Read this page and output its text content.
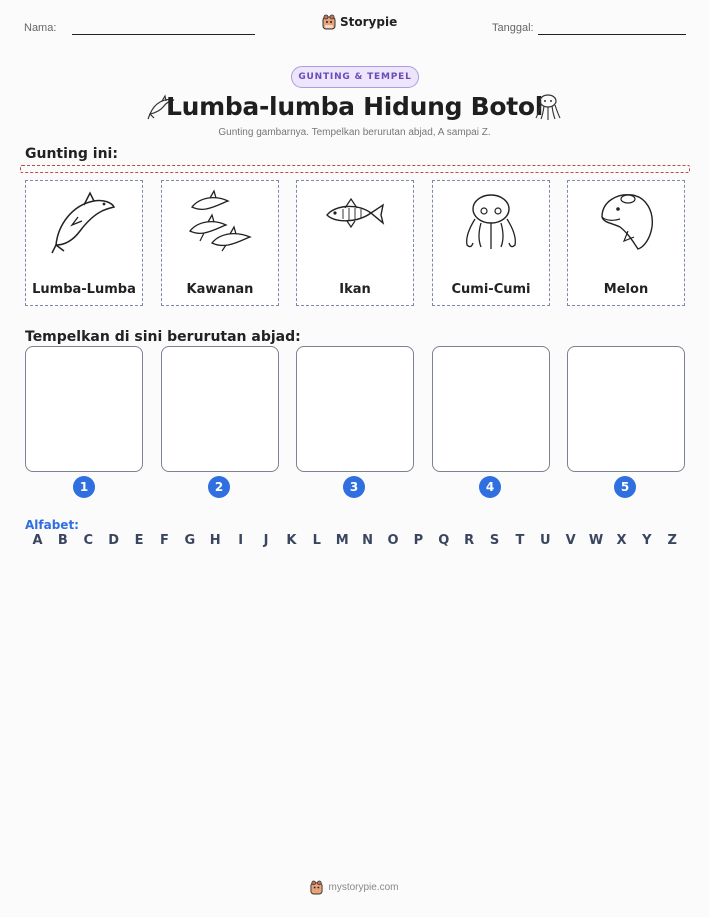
Nama:	Storypie	Tanggal:
GUNTING & TEMPEL
Lumba-lumba Hidung Botol
Gunting gambarnya. Tempelkan berurutan abjad, A sampai Z.
Gunting ini:
Lumba-Lumba	Kawanan	Ikan	Cumi-Cumi	Melon
Tempelkan di sini berurutan abjad:
1	2	3	4	5
Alfabet:
A	B	C	D	E	F	G	H	I	J	K	L	M	N	O	P	Q	R	S	T	U	V	W	X	Y	Z
mystorypie.com
